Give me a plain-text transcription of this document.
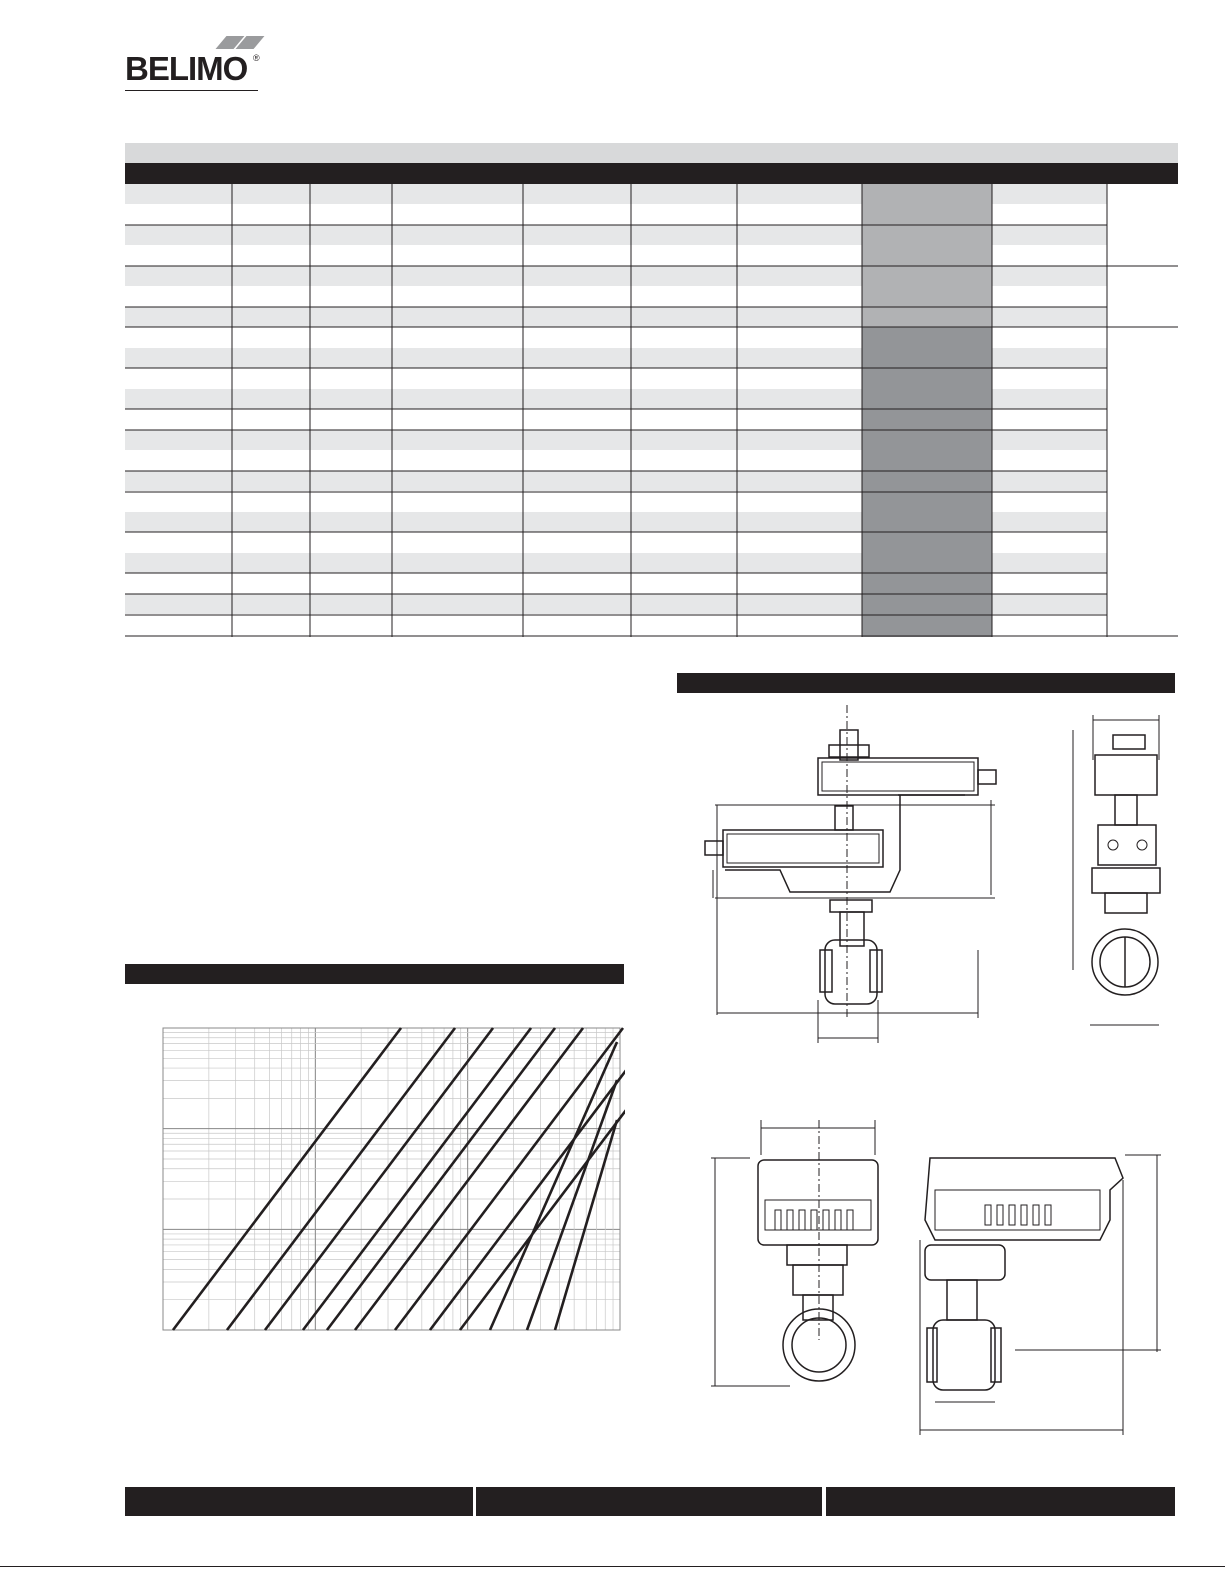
BELIMO ®
